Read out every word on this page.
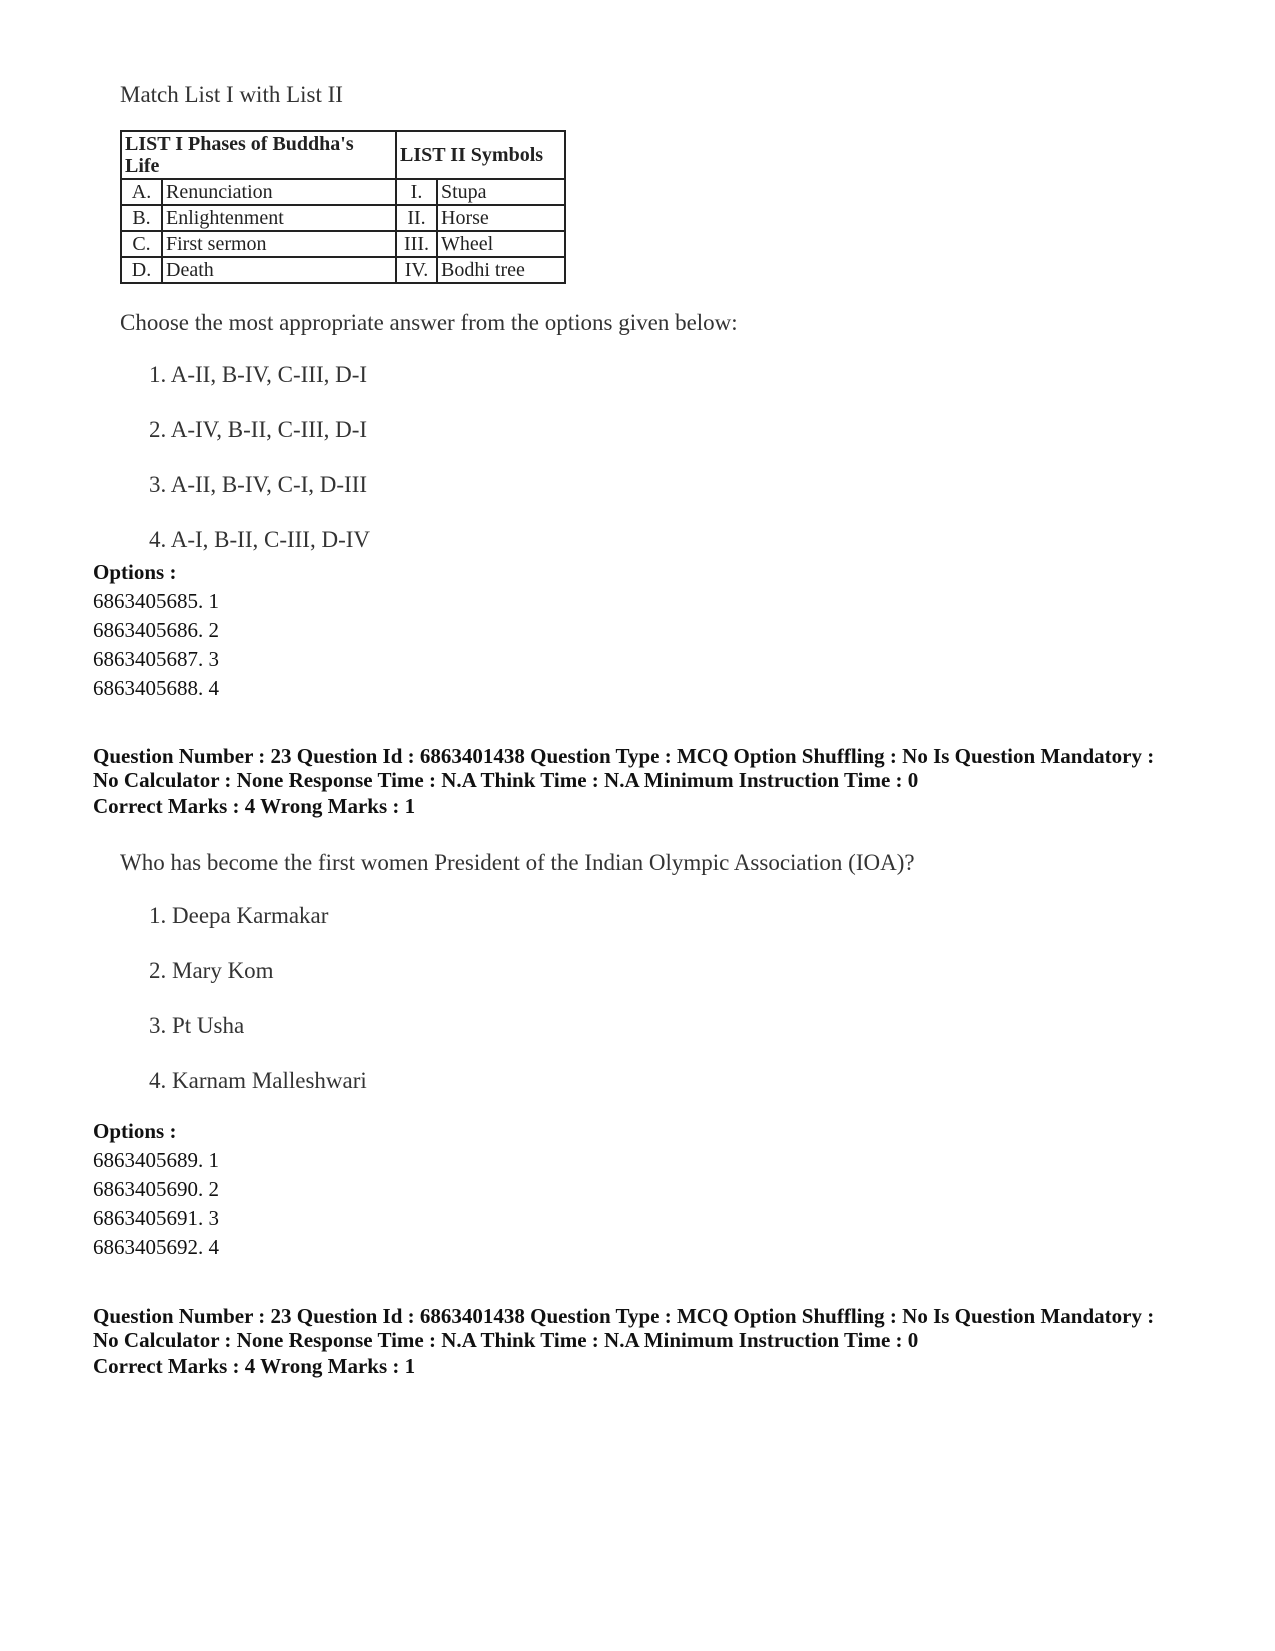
Match List I with List II

LIST I Phases of Buddha's Life		LIST II Symbols	
A.	Renunciation	I.	Stupa
B.	Enlightenment	II.	Horse
C.	First sermon	III.	Wheel
D.	Death	IV.	Bodhi tree

Choose the most appropriate answer from the options given below:

1. A-II, B-IV, C-III, D-I
2. A-IV, B-II, C-III, D-I
3. A-II, B-IV, C-I, D-III
4. A-I, B-II, C-III, D-IV
Options :
6863405685. 1
6863405686. 2
6863405687. 3
6863405688. 4
Question Number : 23 Question Id : 6863401438 Question Type : MCQ Option Shuffling : No Is Question Mandatory :
No Calculator : None Response Time : N.A Think Time : N.A Minimum Instruction Time : 0
Correct Marks : 4 Wrong Marks : 1

Who has become the first women President of the Indian Olympic Association (IOA)?

1. Deepa Karmakar
2. Mary Kom
3. Pt Usha
4. Karnam Malleshwari
Options :
6863405689. 1
6863405690. 2
6863405691. 3
6863405692. 4
Question Number : 23 Question Id : 6863401438 Question Type : MCQ Option Shuffling : No Is Question Mandatory :
No Calculator : None Response Time : N.A Think Time : N.A Minimum Instruction Time : 0
Correct Marks : 4 Wrong Marks : 1
